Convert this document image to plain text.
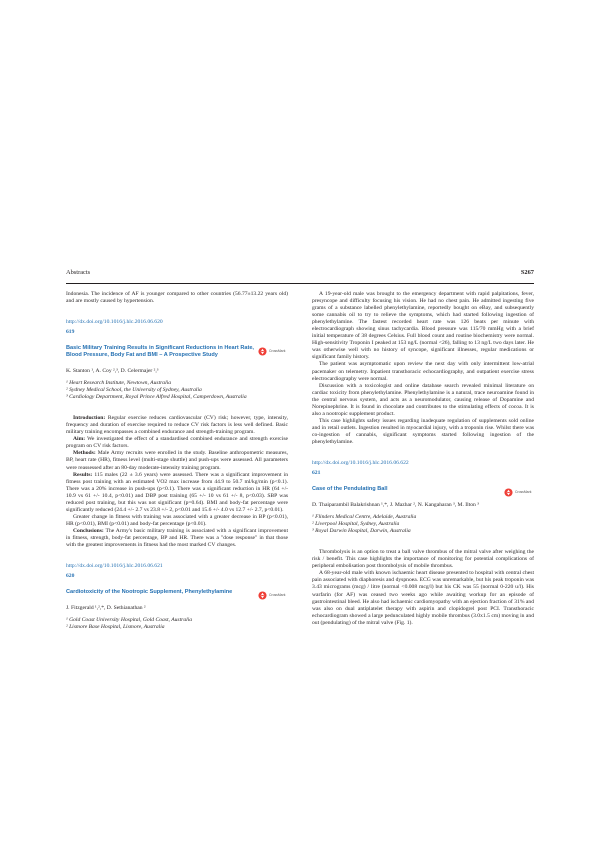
Abstracts	S267

Indonesia. The incidence of AF is younger compared to other countries (56.77±13.22 years old) and are mostly caused by hypertension.

http://dx.doi.org/10.1016/j.hlc.2016.06.620

619

Basic Military Training Results in Significant Reductions in Heart Rate, Blood Pressure, Body Fat and BMI – A Prospective Study
CrossMark

K. Stanton ¹, A. Coy ²,³, D. Celermajer ²,³

¹ Heart Research Institute, Newtown, Australia

² Sydney Medical School, the University of Sydney, Australia

³ Cardiology Department, Royal Prince Alfred Hospital, Camperdown, Australia

Introduction: Regular exercise reduces cardiovascular (CV) risk; however, type, intensity, frequency and duration of exercise required to reduce CV risk factors is less well defined. Basic military training encompasses a combined endurance and strength-training program.

Aim: We investigated the effect of a standardised combined endurance and strength exercise program on CV risk factors.

Methods: Male Army recruits were enrolled in the study. Baseline anthropometric measures, BP, heart rate (HR), fitness level (multi-stage shuttle) and push-ups were assessed. All parameters were reassessed after an 80-day moderate-intensity training program.

Results: 115 males (22 ± 3.6 years) were assessed. There was a significant improvement in fitness post training with an estimated VO2 max increase from 44.9 to 50.7 ml/kg/min (p<0.1). There was a 20% increase in push-ups (p<0.1). There was a significant reduction in HR (64 +/- 10.9 vs 61 +/- 10.4, p<0.01) and DBP post training (65 +/- 10 vs 61 +/- 8, p<0.03). SBP was reduced post training, but this was not significant (p=0.64). BMI and body-fat percentage were significantly reduced (24.4 +/- 2.7 vs 23.8 +/- 2, p<0.01 and 15.6 +/- 4.0 vs 12.7 +/- 2.7, p<0.01).

Greater change in fitness with training was associated with a greater decrease in BP (p<0.01), HR (p<0.01), BMI (p<0.01) and body-fat percentage (p<0.01).

Conclusions: The Army's basic military training is associated with a significant improvement in fitness, strength, body-fat percentage, BP and HR. There was a "dose response" in that those with the greatest improvements in fitness had the most marked CV changes.

http://dx.doi.org/10.1016/j.hlc.2016.06.621

620

Cardiotoxicity of the Nootropic Supplement, Phenylethylamine	CrossMark

J. Fitzgerald ¹,²,*, D. Sethianathan ²

¹ Gold Coast University Hospital, Gold Coast, Australia

² Lismore Base Hospital, Lismore, Australia

A 19-year-old male was brought to the emergency department with rapid palpitations, fever, presyncope and difficulty focusing his vision. He had no chest pain. He admitted ingesting five grams of a substance labelled phenylethylamine, reportedly bought on eBay, and subsequently some cannabis oil to try to relieve the symptoms, which had started following ingestion of phenylethylamine. The fastest recorded heart rate was 126 beats per minute with electrocardiograph showing sinus tachycardia. Blood pressure was 115/70 mmHg with a brief initial temperature of 38 degrees Celsius. Full blood count and routine biochemistry were normal. High-sensitivity Troponin I peaked at 153 ng/L (normal <26), falling to 13 ng/L two days later. He was otherwise well with no history of syncope, significant illnesses, regular medications or significant family history.

The patient was asymptomatic upon review the next day with only intermittent low-atrial pacemaker on telemetry. Inpatient transthoracic echocardiography, and outpatient exercise stress electrocardiography were normal.

Discussion with a toxicologist and online database search revealed minimal literature on cardiac toxicity from phenylethylamine. Phenylethylamine is a natural, trace neuroamine found in the central nervous system, and acts as a neuromodulator, causing release of Dopamine and Norepinephrine. It is found in chocolate and contributes to the stimulating effects of cocoa. It is also a nootropic supplement product.

This case highlights safety issues regarding inadequate regulation of supplements sold online and in retail outlets. Ingestion resulted in myocardial injury, with a troponin rise. Whilst there was co-ingestion of cannabis, significant symptoms started following ingestion of the phenylethylamine.

http://dx.doi.org/10.1016/j.hlc.2016.06.622

621

Case of the Pendulating Ball	CrossMark

D. Thaiparambil Balakrishnan ¹,*, J. Mazhar ², N. Kangaharan ³, M. Ilton ³

¹ Flinders Medical Centre, Adelaide, Australia

² Liverpool Hospital, Sydney, Australia

³ Royal Darwin Hospital, Darwin, Australia

Thrombolysis is an option to treat a ball valve thrombus of the mitral valve after weighing the risk / benefit. This case highlights the importance of monitoring for potential complications of peripheral embolisation post thrombolysis of mobile thrombus.

A 68-year-old male with known ischaemic heart disease presented to hospital with central chest pain associated with diaphoresis and dyspnoea. ECG was unremarkable, but his peak troponin was 3.43 micrograms (mcg) / litre (normal <0.008 mcg/l) but his CK was 55 (normal 0-220 u/l). His warfarin (for AF) was ceased two weeks ago while awaiting workup for an episode of gastrointestinal bleed. He also had ischaemic cardiomyopathy with an ejection fraction of 31% and was also on dual antiplatelet therapy with aspirin and clopidogrel post PCI. Transthoracic echocardiogram showed a large pedunculated highly mobile thrombus (3.0x1.5 cm) moving in and out (pendulating) of the mitral valve (Fig. 1).
